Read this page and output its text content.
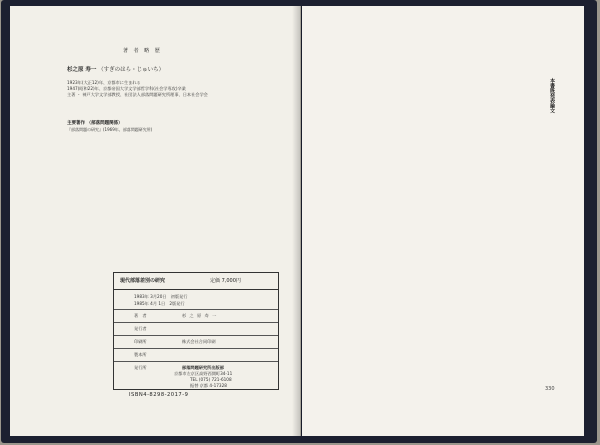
著 者 略 歴
杉之原 寿一 （すぎのはら・じゅいち）
1923年(大正12)年、京都市に生まれる
1947(昭和22)年、京都帝国大学文学部哲学科(社会学専攻)卒業
主著 ・ 神戸大学文学部教授、社団法人部落問題研究所理事、日本社会学会
主要著作 （部落問題関係）
『部落問題の研究』(1969年、部落問題研究所)
現代部落差別の研究	定価 7,000円
1983年 3月20日　初版発行
1985年 4月 1日　2版発行
著　者	杉 之 原 寿 一
発行者
印刷所	株式会社合同印刷
製本所
発行所	部落問題研究所出版部
京都市左京区高野西開町34-11
TEL (075) 721-6108
振替 京都 4-17328
ISBN4-8298-2017-9
本書既発表論文
330
